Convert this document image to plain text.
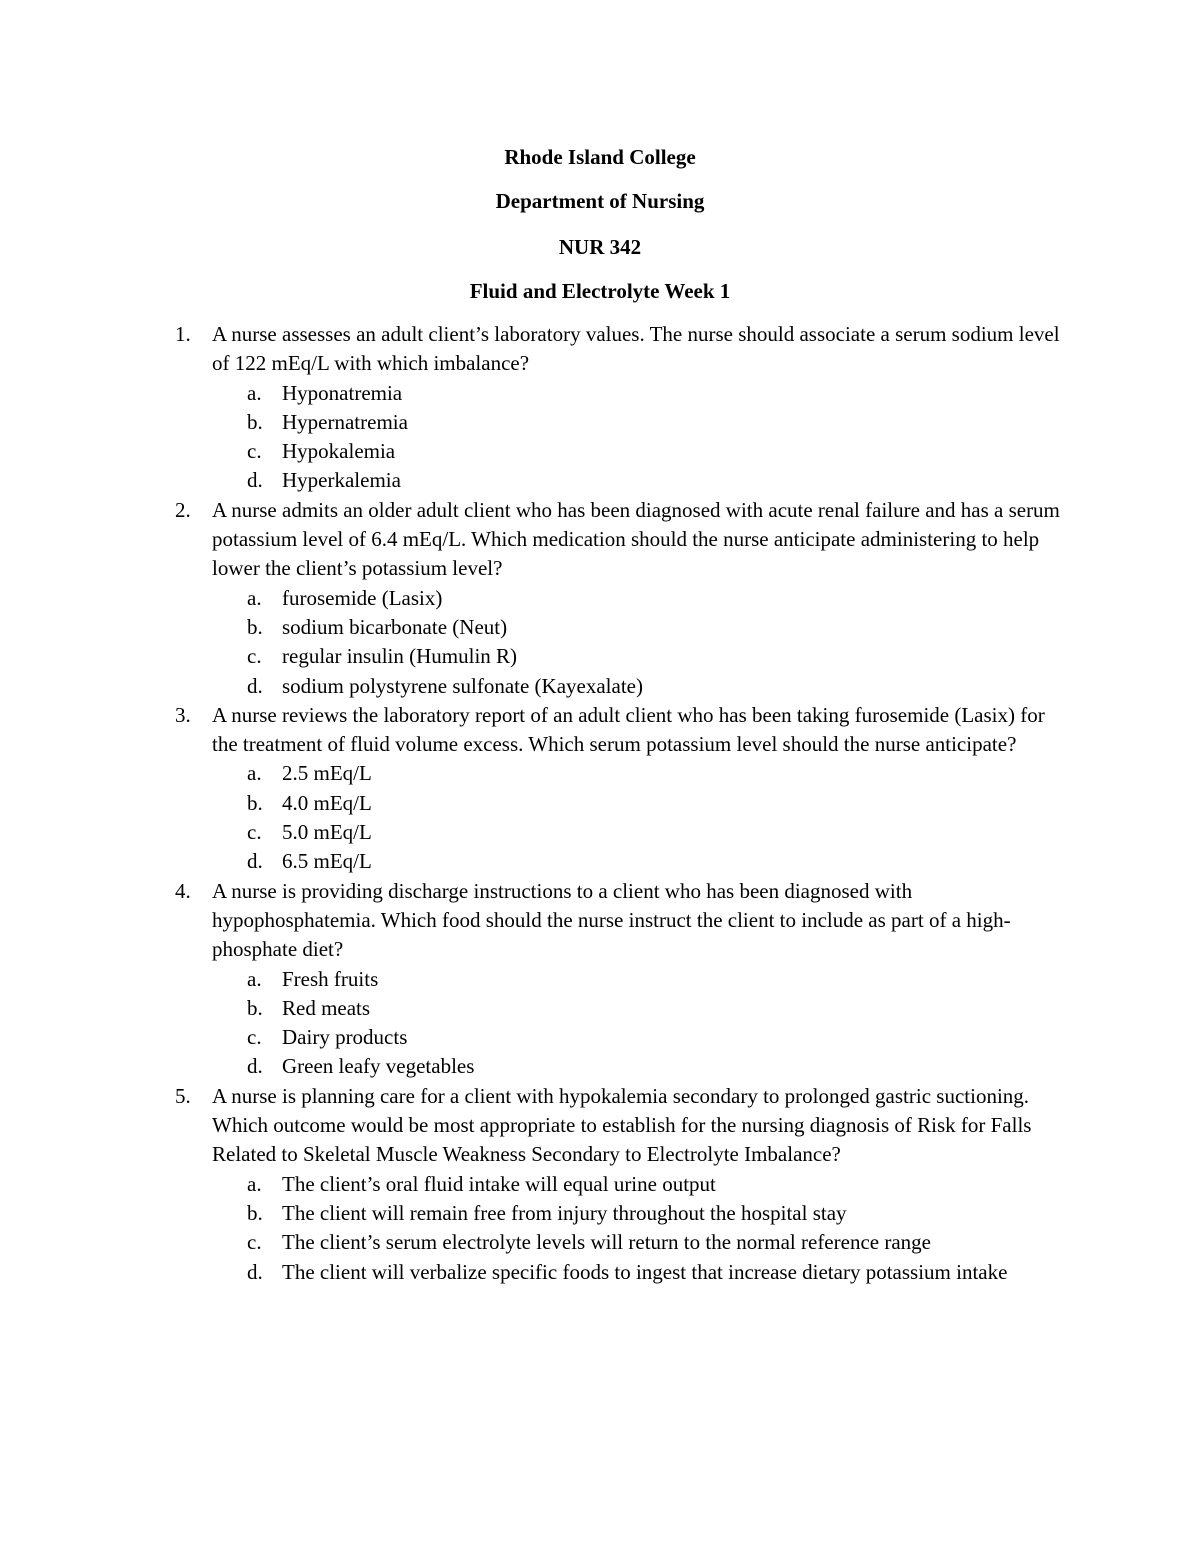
Rhode Island College
Department of Nursing
NUR 342
Fluid and Electrolyte Week 1
1. A nurse assesses an adult client’s laboratory values. The nurse should associate a serum sodium level of 122 mEq/L with which imbalance?
a. Hyponatremia
b. Hypernatremia
c. Hypokalemia
d. Hyperkalemia
2. A nurse admits an older adult client who has been diagnosed with acute renal failure and has a serum potassium level of 6.4 mEq/L. Which medication should the nurse anticipate administering to help lower the client’s potassium level?
a. furosemide (Lasix)
b. sodium bicarbonate (Neut)
c. regular insulin (Humulin R)
d. sodium polystyrene sulfonate (Kayexalate)
3. A nurse reviews the laboratory report of an adult client who has been taking furosemide (Lasix) for the treatment of fluid volume excess. Which serum potassium level should the nurse anticipate?
a. 2.5 mEq/L
b. 4.0 mEq/L
c. 5.0 mEq/L
d. 6.5 mEq/L
4. A nurse is providing discharge instructions to a client who has been diagnosed with hypophosphatemia. Which food should the nurse instruct the client to include as part of a high-phosphate diet?
a. Fresh fruits
b. Red meats
c. Dairy products
d. Green leafy vegetables
5. A nurse is planning care for a client with hypokalemia secondary to prolonged gastric suctioning. Which outcome would be most appropriate to establish for the nursing diagnosis of Risk for Falls Related to Skeletal Muscle Weakness Secondary to Electrolyte Imbalance?
a. The client’s oral fluid intake will equal urine output
b. The client will remain free from injury throughout the hospital stay
c. The client’s serum electrolyte levels will return to the normal reference range
d. The client will verbalize specific foods to ingest that increase dietary potassium intake
